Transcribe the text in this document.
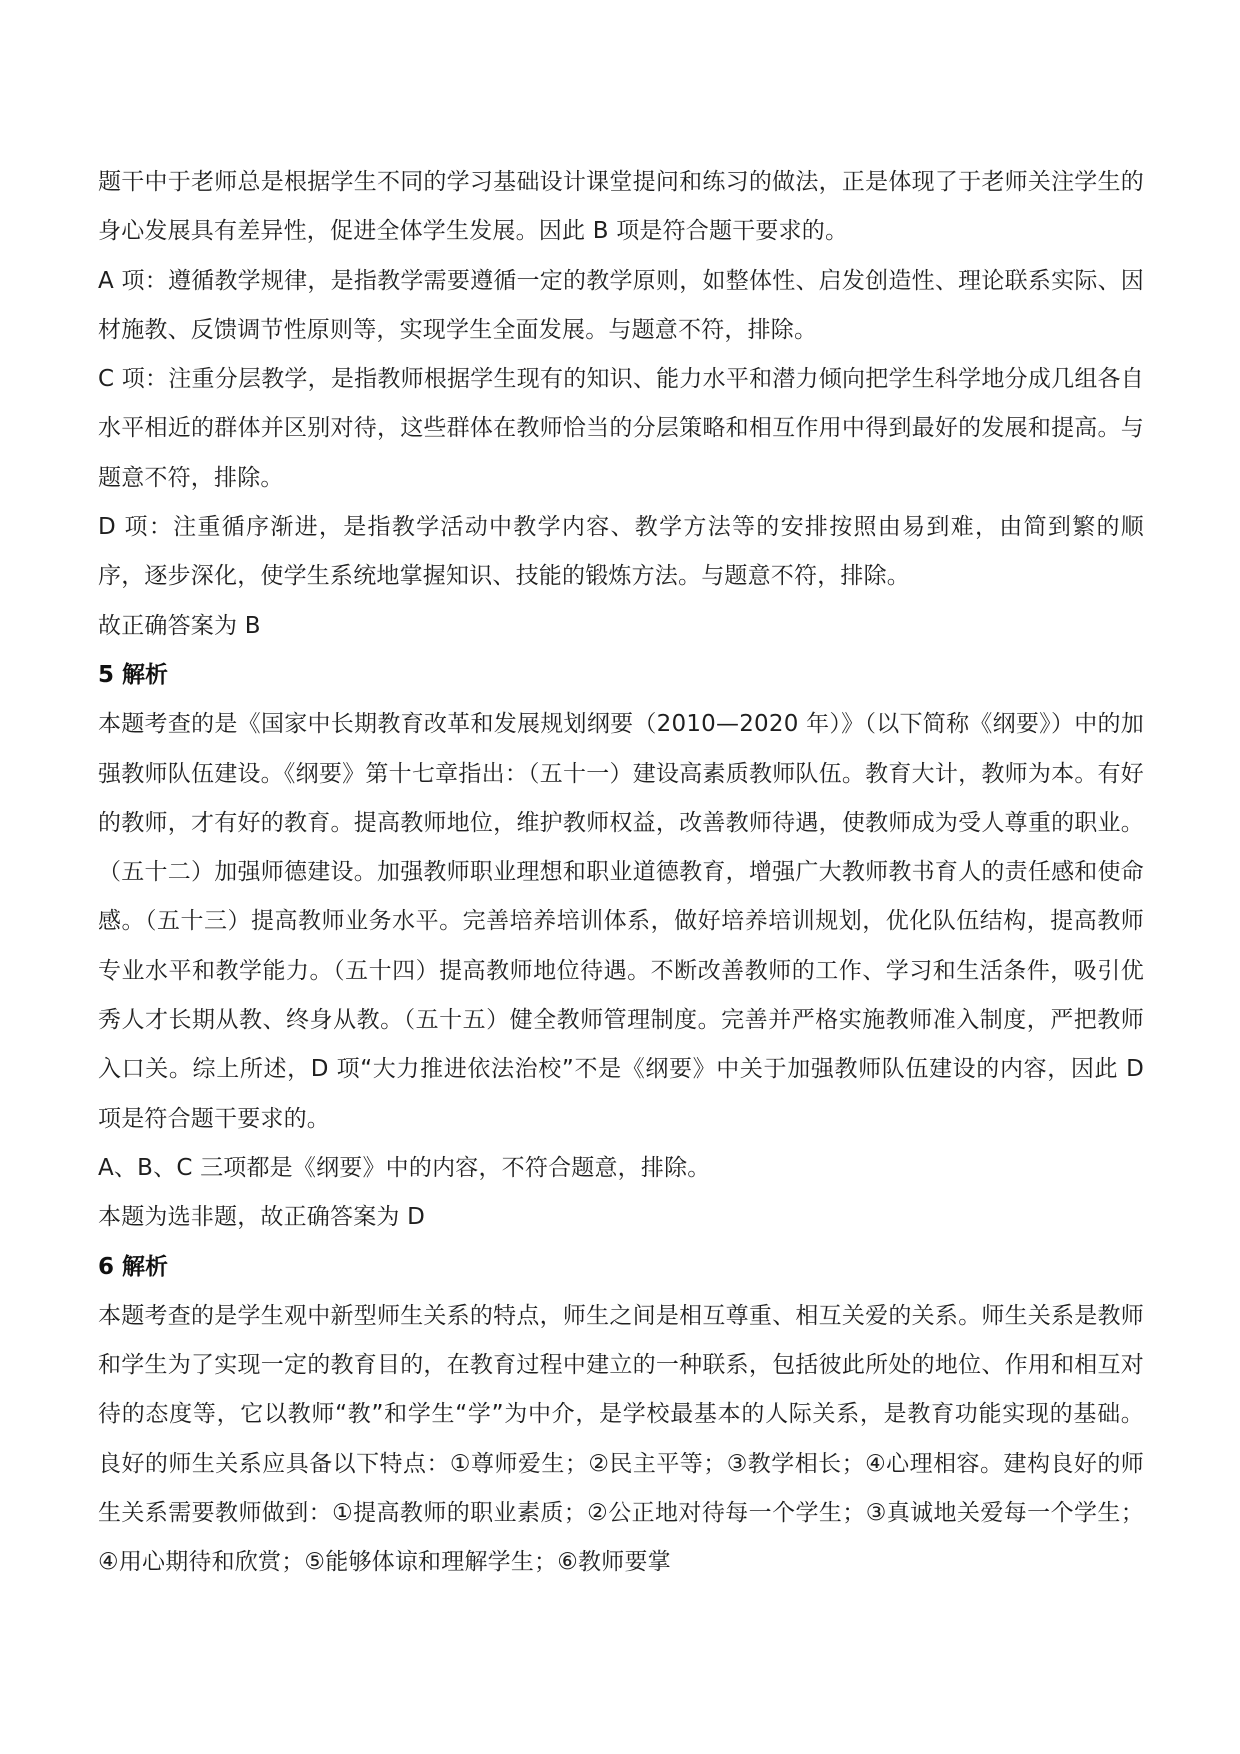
题干中于老师总是根据学生不同的学习基础设计课堂提问和练习的做法，正是体现了于老师关注学生的身心发展具有差异性，促进全体学生发展。因此 B 项是符合题干要求的。

A 项：遵循教学规律，是指教学需要遵循一定的教学原则，如整体性、启发创造性、理论联系实际、因材施教、反馈调节性原则等，实现学生全面发展。与题意不符，排除。

C 项：注重分层教学，是指教师根据学生现有的知识、能力水平和潜力倾向把学生科学地分成几组各自水平相近的群体并区别对待，这些群体在教师恰当的分层策略和相互作用中得到最好的发展和提高。与题意不符，排除。

D 项：注重循序渐进，是指教学活动中教学内容、教学方法等的安排按照由易到难，由简到繁的顺序，逐步深化，使学生系统地掌握知识、技能的锻炼方法。与题意不符，排除。

故正确答案为 B

5 解析

本题考查的是《国家中长期教育改革和发展规划纲要（2010—2020 年）》（以下简称《纲要》）中的加强教师队伍建设。《纲要》第十七章指出：（五十一）建设高素质教师队伍。教育大计，教师为本。有好的教师，才有好的教育。提高教师地位，维护教师权益，改善教师待遇，使教师成为受人尊重的职业。（五十二）加强师德建设。加强教师职业理想和职业道德教育，增强广大教师教书育人的责任感和使命感。（五十三）提高教师业务水平。完善培养培训体系，做好培养培训规划，优化队伍结构，提高教师专业水平和教学能力。（五十四）提高教师地位待遇。不断改善教师的工作、学习和生活条件，吸引优秀人才长期从教、终身从教。（五十五）健全教师管理制度。完善并严格实施教师准入制度，严把教师入口关。综上所述，D 项“大力推进依法治校”不是《纲要》中关于加强教师队伍建设的内容，因此 D 项是符合题干要求的。

A、B、C 三项都是《纲要》中的内容，不符合题意，排除。

本题为选非题，故正确答案为 D

6 解析

本题考查的是学生观中新型师生关系的特点，师生之间是相互尊重、相互关爱的关系。师生关系是教师和学生为了实现一定的教育目的，在教育过程中建立的一种联系，包括彼此所处的地位、作用和相互对待的态度等，它以教师“教”和学生“学”为中介，是学校最基本的人际关系，是教育功能实现的基础。良好的师生关系应具备以下特点：①尊师爱生；②民主平等；③教学相长；④心理相容。建构良好的师生关系需要教师做到：①提高教师的职业素质；②公正地对待每一个学生；③真诚地关爱每一个学生；④用心期待和欣赏；⑤能够体谅和理解学生；⑥教师要掌
